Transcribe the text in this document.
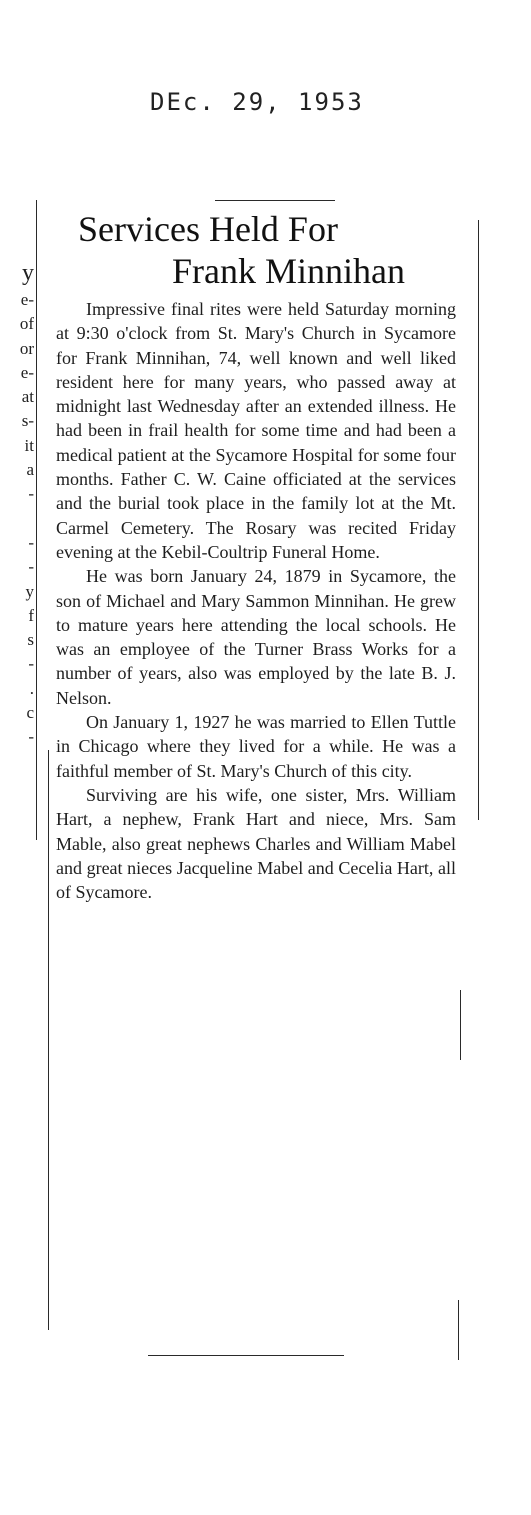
DEc. 29, 1953
y
e-
of
or
e-
at
s-
it
a
-

-
-
y
f
s
-
.
c
-
Services Held For
Frank Minnihan

Impressive final rites were held Saturday morning at 9:30 o'clock from St. Mary's Church in Sycamore for Frank Minnihan, 74, well known and well liked resident here for many years, who passed away at midnight last Wednesday after an extended illness. He had been in frail health for some time and had been a medical patient at the Sycamore Hospital for some four months. Father C. W. Caine officiated at the services and the burial took place in the family lot at the Mt. Carmel Cemetery. The Rosary was recited Friday evening at the Kebil-Coultrip Funeral Home.

He was born January 24, 1879 in Sycamore, the son of Michael and Mary Sammon Minnihan. He grew to mature years here attending the local schools. He was an employee of the Turner Brass Works for a number of years, also was employed by the late B. J. Nelson.

On January 1, 1927 he was married to Ellen Tuttle in Chicago where they lived for a while. He was a faithful member of St. Mary's Church of this city.

Surviving are his wife, one sister, Mrs. William Hart, a nephew, Frank Hart and niece, Mrs. Sam Mable, also great nephews Charles and William Mabel and great nieces Jacqueline Mabel and Cecelia Hart, all of Sycamore.
